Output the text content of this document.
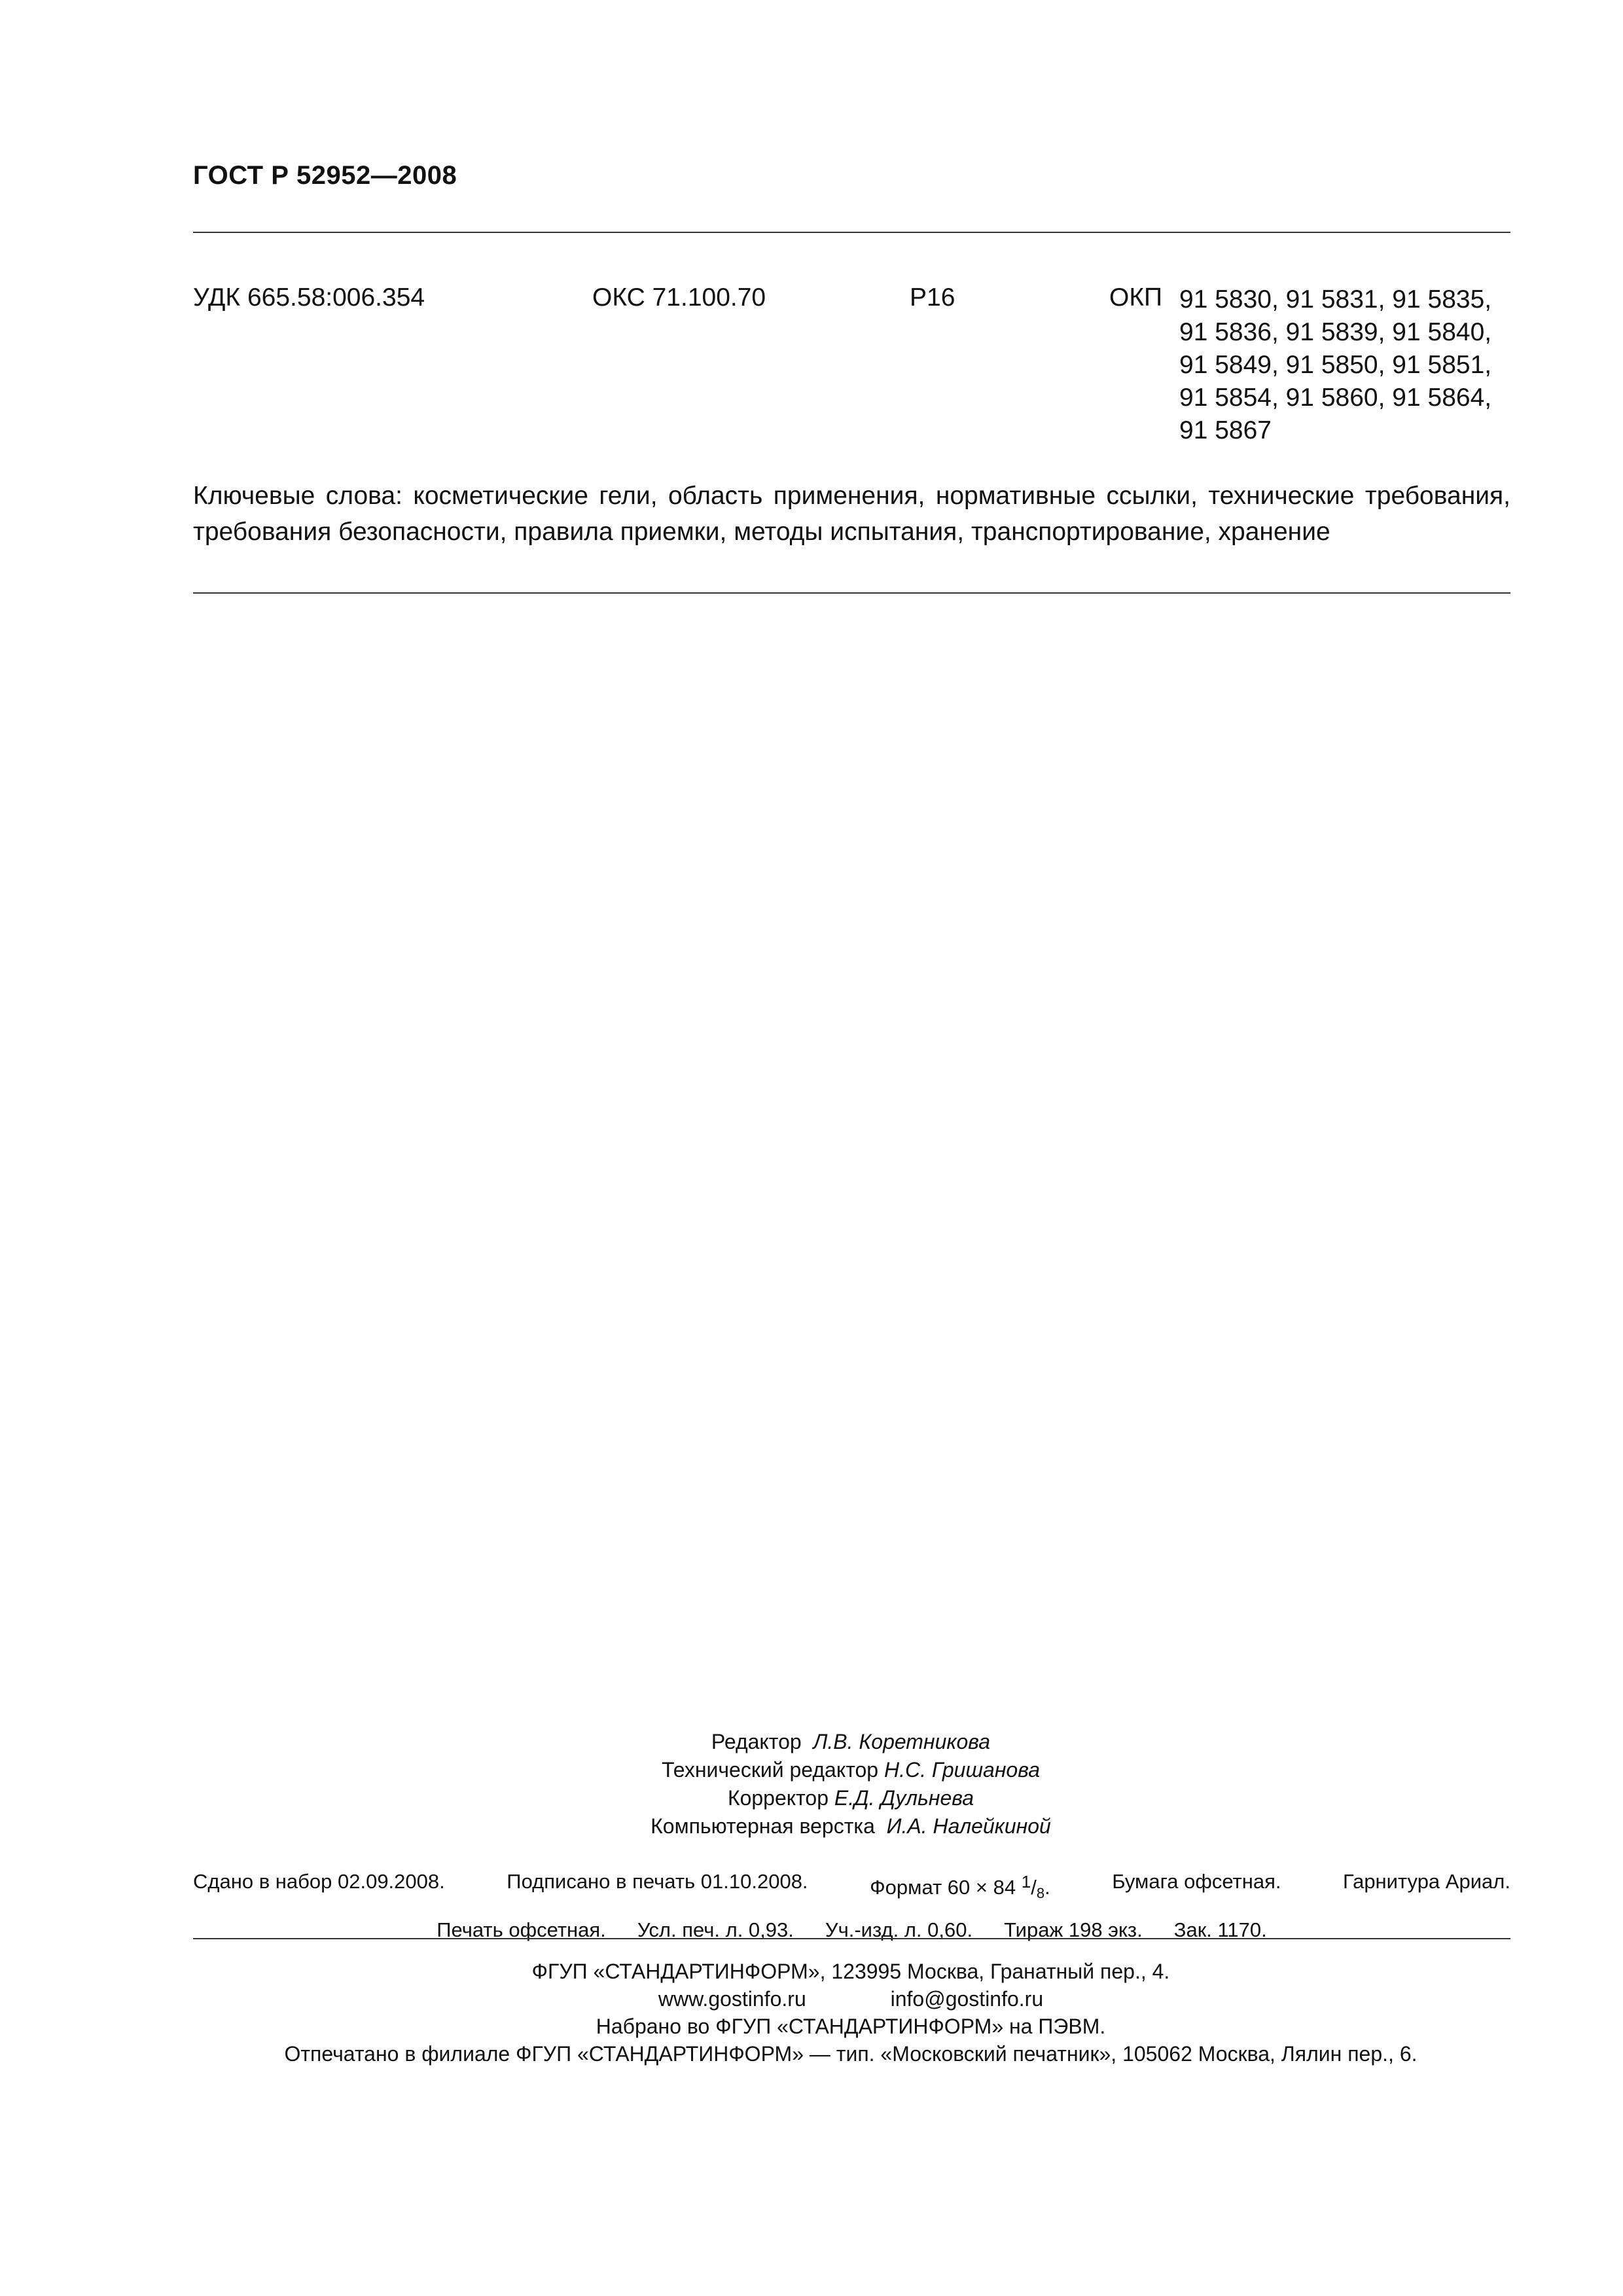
ГОСТ Р 52952—2008
УДК 665.58:006.354	ОКС 71.100.70	Р16	ОКП 91 5830, 91 5831, 91 5835,
91 5836, 91 5839, 91 5840,
91 5849, 91 5850, 91 5851,
91 5854, 91 5860, 91 5864,
91 5867
Ключевые слова: косметические гели, область применения, нормативные ссылки, технические требования, требования безопасности, правила приемки, методы испытания, транспортирование, хранение
Редактор Л.В. Коретникова
Технический редактор Н.С. Гришанова
Корректор Е.Д. Дульнева
Компьютерная верстка И.А. Налейкиной
Сдано в набор 02.09.2008.	Подписано в печать 01.10.2008.	Формат 60 × 84 $^1$/8.	Бумага офсетная.	Гарнитура Ариал.
Печать офсетная. Усл. печ. л. 0,93. Уч.-изд. л. 0,60. Тираж 198 экз. Зак. 1170.
ФГУП «СТАНДАРТИНФОРМ», 123995 Москва, Гранатный пер., 4.
www.gostinfo.ru	info@gostinfo.ru
Набрано во ФГУП «СТАНДАРТИНФОРМ» на ПЭВМ.
Отпечатано в филиале ФГУП «СТАНДАРТИНФОРМ» — тип. «Московский печатник», 105062 Москва, Лялин пер., 6.
